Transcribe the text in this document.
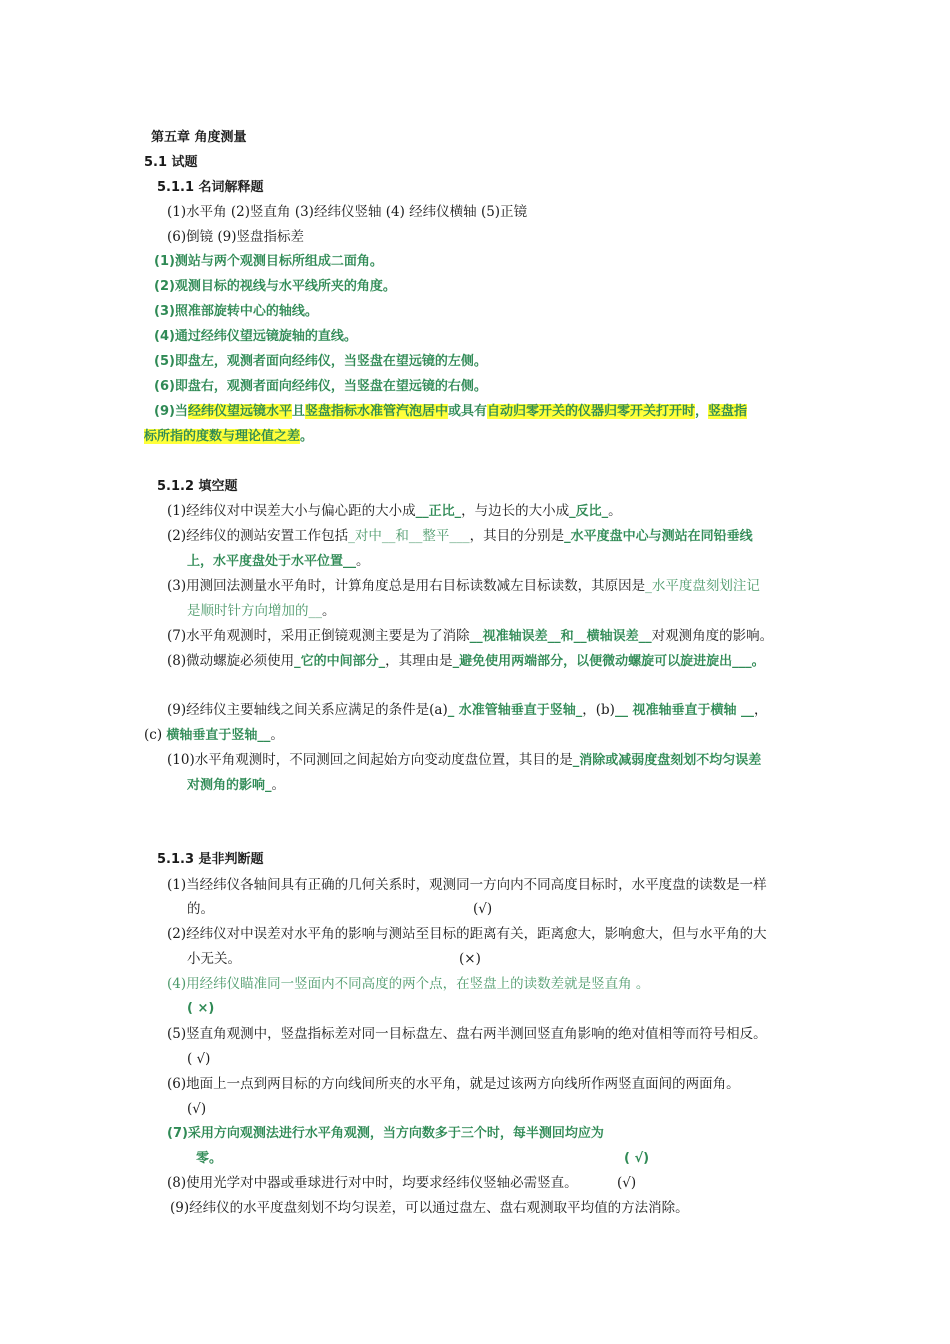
第五章 角度测量
5.1 试题
5.1.1 名词解释题
(1)水平角 (2)竖直角 (3)经纬仪竖轴 (4) 经纬仪横轴 (5)正镜
(6)倒镜 (9)竖盘指标差
(1)测站与两个观测目标所组成二面角。
(2)观测目标的视线与水平线所夹的角度。
(3)照准部旋转中心的轴线。
(4)通过经纬仪望远镜旋轴的直线。
(5)即盘左，观测者面向经纬仪，当竖盘在望远镜的左侧。
(6)即盘右，观测者面向经纬仪，当竖盘在望远镜的右侧。
(9)当经纬仪望远镜水平且竖盘指标水准管汽泡居中或具有自动归零开关的仪器归零开关打开时，竖盘指
标所指的度数与理论值之差。
5.1.2 填空题
(1)经纬仪对中误差大小与偏心距的大小成__正比_，与边长的大小成_反比_。
(2)经纬仪的测站安置工作包括_对中__和__整平___，其目的分别是_水平度盘中心与测站在同铅垂线
上，水平度盘处于水平位置__。
(3)用测回法测量水平角时，计算角度总是用右目标读数减左目标读数，其原因是_水平度盘刻划注记
是顺时针方向增加的__。
(7)水平角观测时，采用正倒镜观测主要是为了消除__视准轴误差__和__横轴误差__对观测角度的影响。
(8)微动螺旋必须使用_它的中间部分_，其理由是_避免使用两端部分，以便微动螺旋可以旋进旋出___。
(9)经纬仪主要轴线之间关系应满足的条件是(a)_ 水准管轴垂直于竖轴_，(b)__ 视准轴垂直于横轴 __，
(c) 横轴垂直于竖轴__。
(10)水平角观测时，不同测回之间起始方向变动度盘位置，其目的是_消除或减弱度盘刻划不均匀误差
对测角的影响_。
5.1.3 是非判断题
(1)当经纬仪各轴间具有正确的几何关系时，观测同一方向内不同高度目标时，水平度盘的读数是一样
的。	(√)
(2)经纬仪对中误差对水平角的影响与测站至目标的距离有关，距离愈大，影响愈大，但与水平角的大
小无关。	(×)
(4)用经纬仪瞄准同一竖面内不同高度的两个点，在竖盘上的读数差就是竖直角 。
( ×)
(5)竖直角观测中，竖盘指标差对同一目标盘左、盘右两半测回竖直角影响的绝对值相等而符号相反。
( √)
(6)地面上一点到两目标的方向线间所夹的水平角，就是过该两方向线所作两竖直面间的两面角。
(√)
(7)采用方向观测法进行水平角观测，当方向数多于三个时，每半测回均应为
零。	( √)
(8)使用光学对中器或垂球进行对中时，均要求经纬仪竖轴必需竖直。	(√)
(9)经纬仪的水平度盘刻划不均匀误差，可以通过盘左、盘右观测取平均值的方法消除。
